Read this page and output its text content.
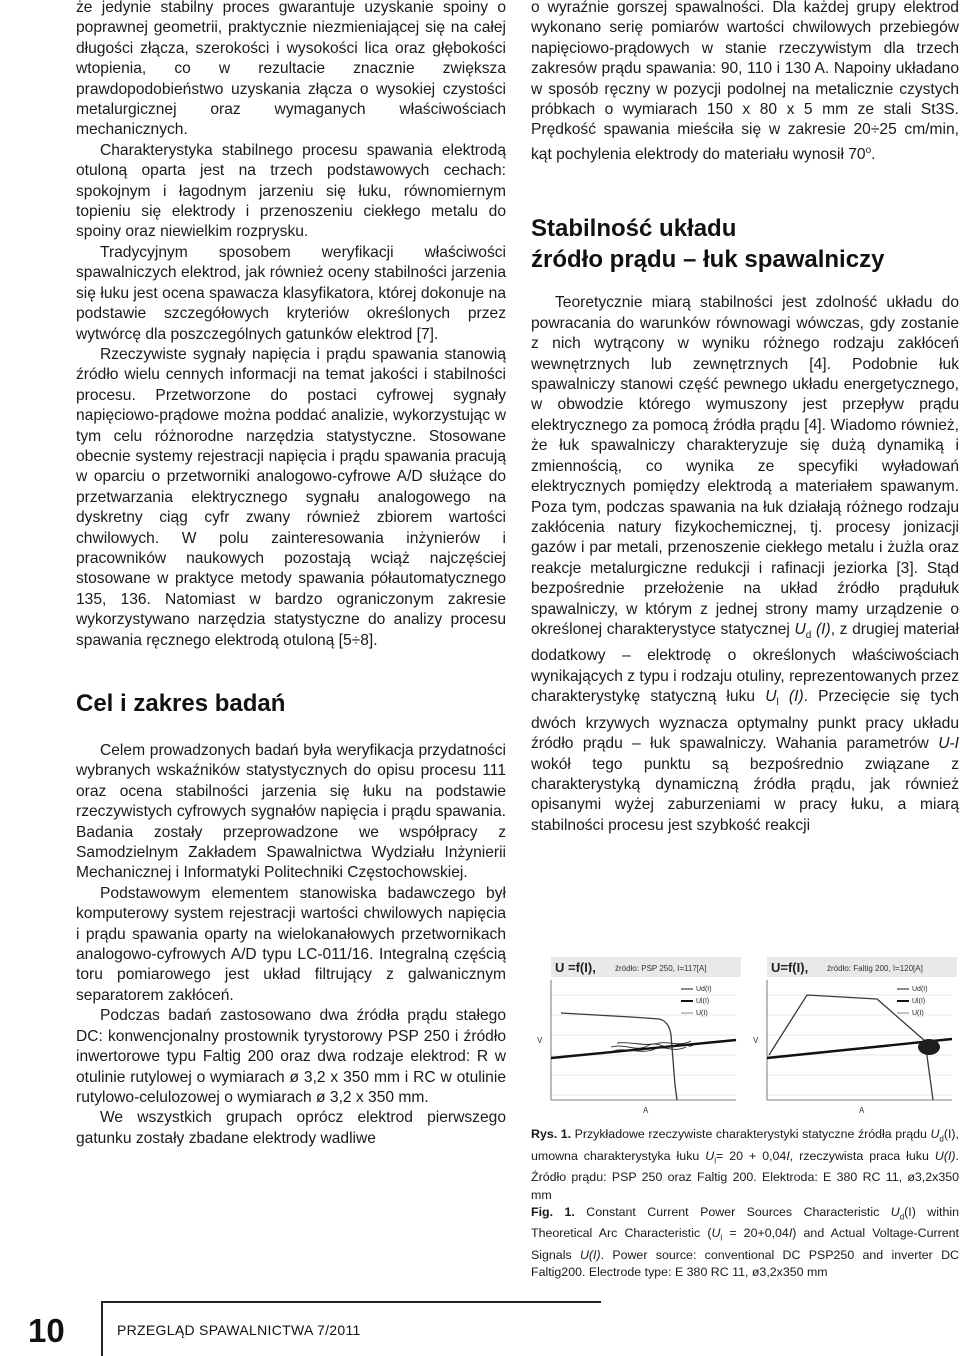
że jedynie stabilny proces gwarantuje uzyskanie spoiny o poprawnej geometrii, praktycznie niezmieniającej się na całej długości złącza, szerokości i wysokości lica oraz głębokości wtopienia, co w rezultacie znacznie zwiększa prawdopodobieństwo uzyskania złącza o wysokiej czystości metalurgicznej oraz wymaganych właściwościach mechanicznych.

Charakterystyka stabilnego procesu spawania elektrodą otuloną oparta jest na trzech podstawowych cechach: spokojnym i łagodnym jarzeniu się łuku, równomiernym topieniu się elektrody i przenoszeniu ciekłego metalu do spoiny oraz niewielkim rozprysku.

Tradycyjnym sposobem weryfikacji właściwości spawalniczych elektrod, jak również oceny stabilności jarzenia się łuku jest ocena spawacza klasyfikatora, której dokonuje na podstawie szczegółowych kryteriów określonych przez wytwórcę dla poszczególnych gatunków elektrod [7].

Rzeczywiste sygnały napięcia i prądu spawania stanowią źródło wielu cennych informacji na temat jakości i stabilności procesu. Przetworzone do postaci cyfrowej sygnały napięciowo-prądowe można poddać analizie, wykorzystując w tym celu różnorodne narzędzia statystyczne. Stosowane obecnie systemy rejestracji napięcia i prądu spawania pracują w oparciu o przetworniki analogowo-cyfrowe A/D służące do przetwarzania elektrycznego sygnału analogowego na dyskretny ciąg cyfr zwany również zbiorem wartości chwilowych. W polu zainteresowania inżynierów i pracowników naukowych pozostają wciąż najczęściej stosowane w praktyce metody spawania półautomatycznego 135, 136. Natomiast w bardzo ograniczonym zakresie wykorzystywano narzędzia statystyczne do analizy procesu spawania ręcznego elektrodą otuloną [5÷8].

Cel i zakres badań

Celem prowadzonych badań była weryfikacja przydatności wybranych wskaźników statystycznych do opisu procesu 111 oraz ocena stabilności jarzenia się łuku na podstawie rzeczywistych cyfrowych sygnałów napięcia i prądu spawania. Badania zostały przeprowadzone we współpracy z Samodzielnym Zakładem Spawalnictwa Wydziału Inżynierii Mechanicznej i Informatyki Politechniki Częstochowskiej.

Podstawowym elementem stanowiska badawczego był komputerowy system rejestracji wartości chwilowych napięcia i prądu spawania oparty na wielokanałowych przetwornikach analogowo-cyfrowych A/D typu LC-011/16. Integralną częścią toru pomiarowego jest układ filtrujący z galwanicznym separatorem zakłóceń.

Podczas badań zastosowano dwa źródła prądu stałego DC: konwencjonalny prostownik tyrystorowy PSP 250 i źródło inwertorowe typu Faltig 200 oraz dwa rodzaje elektrod: R w otulinie rutylowej o wymiarach ø 3,2 x 350 mm i RC w otulinie rutylowo-celulozowej o wymiarach ø 3,2 x 350 mm.

We wszystkich grupach oprócz elektrod pierwszego gatunku zostały zbadane elektrody wadliwe

o wyraźnie gorszej spawalności. Dla każdej grupy elektrod wykonano serię pomiarów wartości chwilowych przebiegów napięciowo-prądowych w stanie rzeczywistym dla trzech zakresów prądu spawania: 90, 110 i 130 A. Napoiny układano w sposób ręczny w pozycji podolnej na metalicznie czystych próbkach o wymiarach 150 x 80 x 5 mm ze stali St3S. Prędkość spawania mieściła się w zakresie 20÷25 cm/min, kąt pochylenia elektrody do materiału wynosił 70$^o$.

Stabilność układu
źródło prądu – łuk spawalniczy

Teoretycznie miarą stabilności jest zdolność układu do powracania do warunków równowagi wówczas, gdy zostanie z nich wytrącony w wyniku różnego rodzaju zakłóceń wewnętrznych lub zewnętrznych [4]. Podobnie łuk spawalniczy stanowi część pewnego układu energetycznego, w obwodzie którego wymuszony jest przepływ prądu elektrycznego za pomocą źródła prądu [4]. Wiadomo również, że łuk spawalniczy charakteryzuje się dużą dynamiką i zmiennością, co wynika ze specyfiki wyładowań elektrycznych pomiędzy elektrodą a materiałem spawanym. Poza tym, podczas spawania na łuk działają różnego rodzaju zakłócenia natury fizykochemicznej, tj. procesy jonizacji gazów i par metali, przenoszenie ciekłego metalu i żużla oraz reakcje metalurgiczne redukcji i rafinacji jeziorka [3]. Stąd bezpośrednie przełożenie na układ źródło prądułuk spawalniczy, w którym z jednej strony mamy urządzenie o określonej charakterystyce statycznej $U_d$ (I), z drugiej materiał dodatkowy – elektrodę o określonych właściwościach wynikających z typu i rodzaju otuliny, reprezentowanych przez charakterystykę statyczną łuku $U_l$ (I). Przecięcie się tych dwóch krzywych wyznacza optymalny punkt pracy układu źródło prądu – łuk spawalniczy. Wahania parametrów U-I wokół tego punktu są bezpośrednio związane z charakterystyką dynamiczną źródła prądu, jak również opisanymi wyżej zaburzeniami w pracy łuku, a miarą stabilności procesu jest szybkość reakcji

U =f(I), źródło: PSP 250, I=117[A]
V
A
Ud(I)
Ul(I)
U(I)
U=f(I), źródło: Faltig 200, I=120[A]
V
A
Ud(I)
Ul(I)
U(I)

Rys. 1. Przykładowe rzeczywiste charakterystyki statyczne źródła prądu $U_d(I)$, umowna charakterystyka łuku $U_l= 20 + 0,04I$, rzeczywista praca łuku U(I). Źródło prądu: PSP 250 oraz Faltig 200. Elektroda: E 380 RC 11, ø3,2x350 mm

Fig. 1. Constant Current Power Sources Characteristic $U_d(I)$ within Theoretical Arc Characteristic $(U_l = 20+0,04I)$ and Actual Voltage-Current Signals U(I). Power source: conventional DC PSP250 and inverter DC Faltig200. Electrode type: E 380 RC 11, ø3,2x350 mm

10	PRZEGLĄD SPAWALNICTWA 7/2011
